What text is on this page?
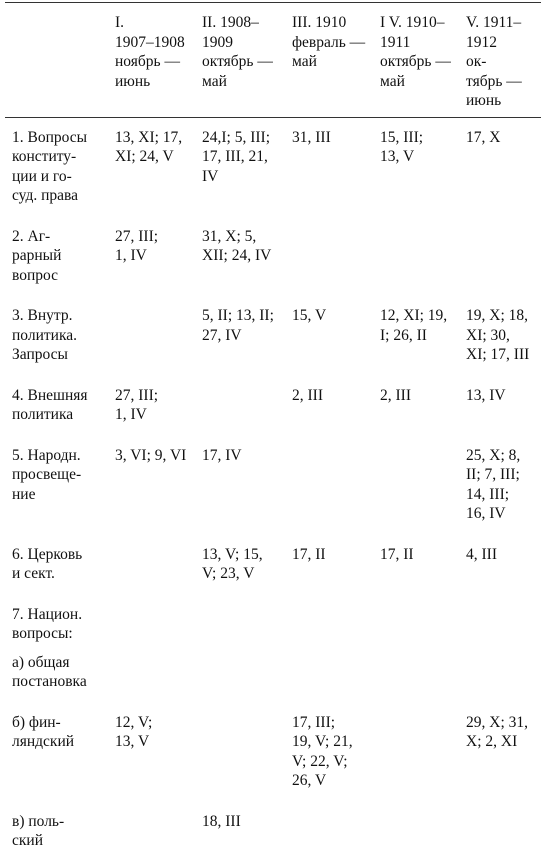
	I.
1907–1908
ноябрь —
июнь	II. 1908–
1909
октябрь —
май	III. 1910
февраль —
май	I V. 1910–
1911
октябрь —
май	V. 1911–
1912
ок-
тябрь —
июнь

1. Вопросы
конститу-
ции и го-
суд. права	13, XI; 17,
XI; 24, V	24,I; 5, III;
17, III, 21,
IV	31, III	15, III;
13, V	17, X

2. Аг-
рарный
вопрос	27, III;
1, IV	31, X; 5,
XII; 24, IV			

3. Внутр.
политика.
Запросы		5, II; 13, II;
27, IV	15, V	12, XI; 19,
I; 26, II	19, X; 18,
XI; 30,
XI; 17, III

4. Внешняя
политика	27, III;
1, IV		2, III	2, III	13, IV

5. Народн.
просвеще-
ние	3, VI; 9, VI	17, IV			25, X; 8,
II; 7, III;
14, III;
16, IV

6. Церковь
и сект.		13, V; 15,
V; 23, V	17, II	17, II	4, III

7. Национ.
вопросы:					

а) общая
постановка					

б) фин-
ляндский	12, V;
13, V		17, III;
19, V; 21,
V; 22, V;
26, V		29, X; 31,
X; 2, XI

в) поль-
ский		18, III			
